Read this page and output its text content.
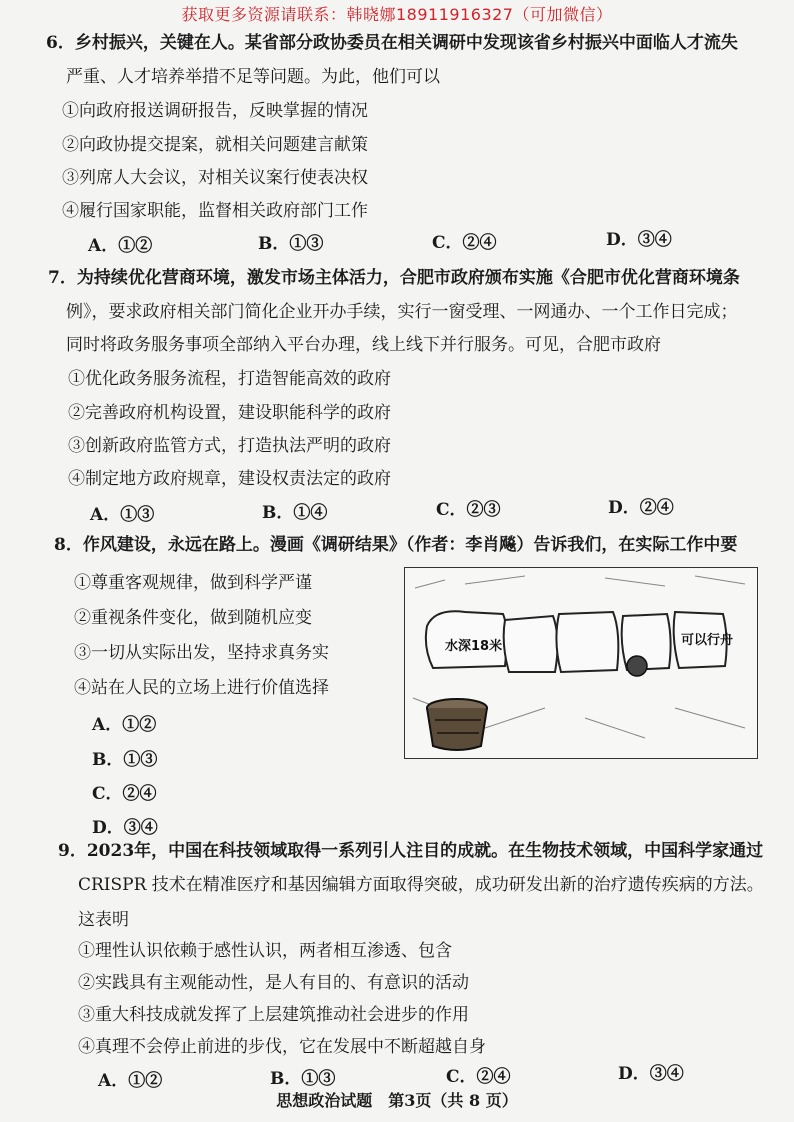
获取更多资源请联系：韩晓娜18911916327（可加微信）
6．乡村振兴，关键在人。某省部分政协委员在相关调研中发现该省乡村振兴中面临人才流失
严重、人才培养举措不足等问题。为此，他们可以
①向政府报送调研报告，反映掌握的情况
②向政协提交提案，就相关问题建言献策
③列席人大会议，对相关议案行使表决权
④履行国家职能，监督相关政府部门工作
A．①②	B．①③	C．②④	D．③④
7．为持续优化营商环境，激发市场主体活力，合肥市政府颁布实施《合肥市优化营商环境条
例》，要求政府相关部门简化企业开办手续，实行一窗受理、一网通办、一个工作日完成；
同时将政务服务事项全部纳入平台办理，线上线下并行服务。可见，合肥市政府
①优化政务服务流程，打造智能高效的政府
②完善政府机构设置，建设职能科学的政府
③创新政府监管方式，打造执法严明的政府
④制定地方政府规章，建设权责法定的政府
A．①③	B．①④	C．②③	D．②④
8．作风建设，永远在路上。漫画《调研结果》（作者：李肖飚）告诉我们，在实际工作中要
①尊重客观规律，做到科学严谨
②重视条件变化，做到随机应变
③一切从实际出发，坚持求真务实
④站在人民的立场上进行价值选择
A．①②
B．①③
C．②④
D．③④
水深18米	可以行舟
9．2023年，中国在科技领域取得一系列引人注目的成就。在生物技术领域，中国科学家通过
CRISPR 技术在精准医疗和基因编辑方面取得突破，成功研发出新的治疗遗传疾病的方法。
这表明
①理性认识依赖于感性认识，两者相互渗透、包含
②实践具有主观能动性，是人有目的、有意识的活动
③重大科技成就发挥了上层建筑推动社会进步的作用
④真理不会停止前进的步伐，它在发展中不断超越自身
A．①②	B．①③	C．②④	D．③④
思想政治试题　第3页（共 8 页）
